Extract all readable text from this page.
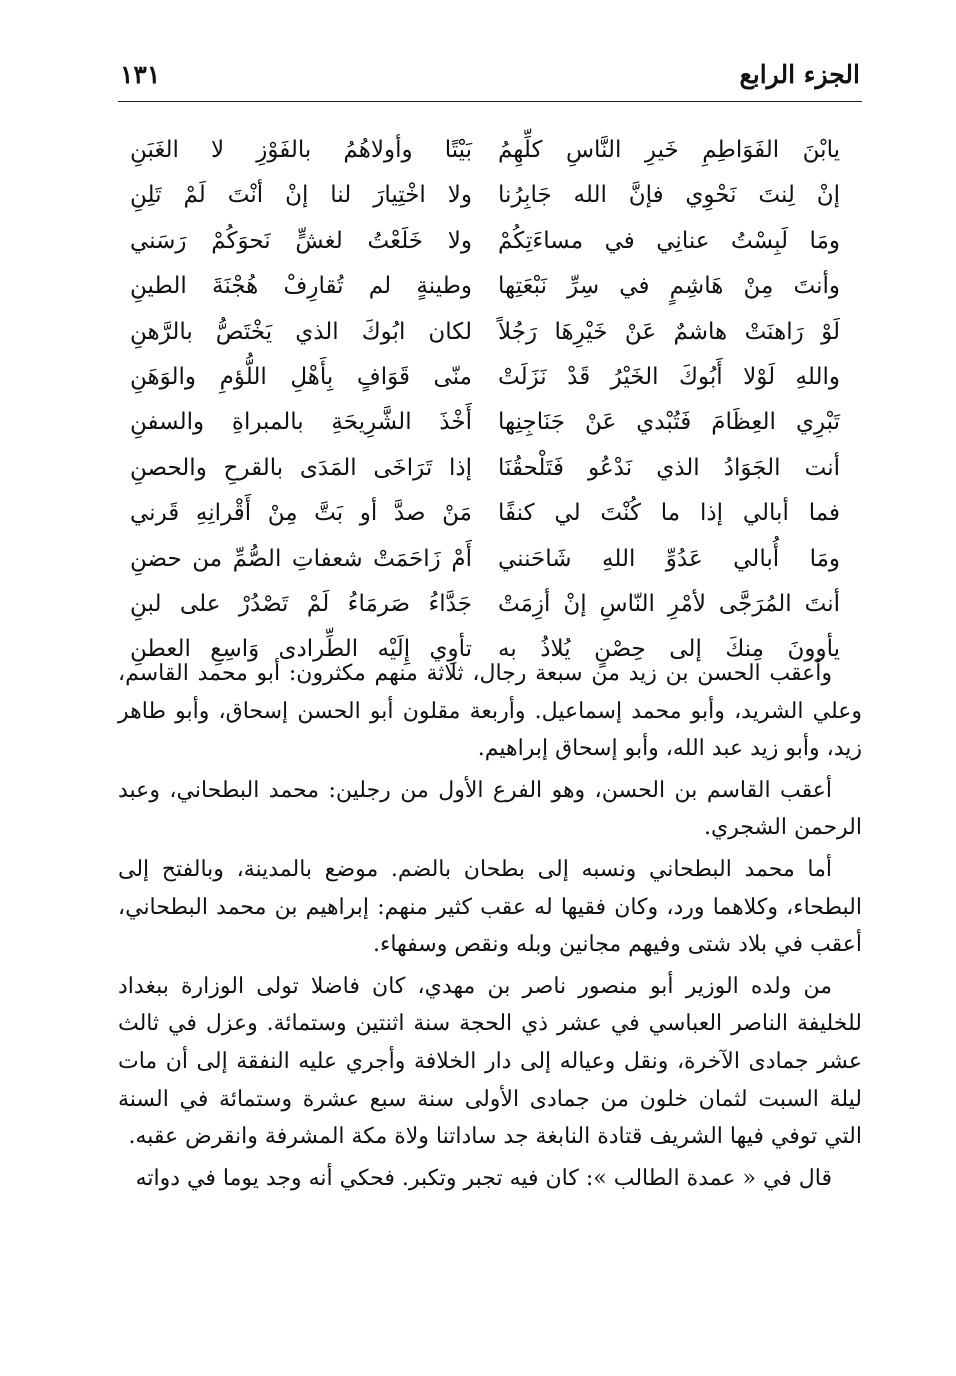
الجزء الرابع
١٣١
يابْنَ الفَوَاطِمِ خَيرِ النَّاسِ كلِّهِمُ
بَيْتًا وأولاهُمُ بالفَوْزِ لا الغَبَنِ
إنْ لِنتَ نَحْوِي فإنَّ الله جَابِرُنا
ولا اخْتِيارَ لنا إنْ أنْتَ لَمْ تَلِنِ
ومَا لَبِسْتُ عنانِي في مساءَتِكُمْ
ولا خَلَعْتُ لغشٍّ نَحوَكُمْ رَسَني
وأنتَ مِنْ هَاشِمٍ في سِرِّ نَبْعَتِها
وطينةٍ لم تُقارِفْ هُجْنَةَ الطينِ
لَوْ رَاهنَتْ هاشمٌ عَنْ خَيْرِهَا رَجُلاً
لكان ابُوكَ الذي يَخْتَصُّ بالرَّهنِ
واللهِ لَوْلا أَبُوكَ الخَيْرُ قَدْ نَزَلَتْ
منّى قَوَافٍ بِأَهْلِ اللُّؤمِ والوَهَنِ
تَبْرِي العِظَامَ فَتُبْدي عَنْ جَنَاجِنِها
أَخْذَ الشَّرِيحَةِ بالمبراةِ والسفنِ
أنت الجَوَادُ الذي نَدْعُو فَتَلْحقُنَا
إذا تَرَاخَى المَدَى بالقرحِ والحصنِ
فما أبالي إذا ما كُنْتَ لي كنفًا
مَنْ صدَّ أو بَتَّ مِنْ أَقْرانِهِ قَرني
ومَا أُبالي عَدُوِّ اللهِ شَاحَنني
أَمْ زَاحَمَتْ شعفاتِ الصُّمِّ من حضنِ
أنتَ المُرَجَّى لأمْرِ النّاسِ إنْ أزِمَتْ
جَدَّاءُ صَرمَاءُ لَمْ تَصْدُرْ على لبنِ
يأوونَ مِنكَ إلى حِصْنٍ يُلاذُ به
تأوِي إِلَيْه الطِّرادى وَاسِعِ العطنِ

وأعقب الحسن بن زيد من سبعة رجال، ثلاثة منهم مكثرون: أبو محمد القاسم، وعلي الشريد، وأبو محمد إسماعيل. وأربعة مقلون أبو الحسن إسحاق، وأبو طاهر زيد، وأبو زيد عبد الله، وأبو إسحاق إبراهيم.

أعقب القاسم بن الحسن، وهو الفرع الأول من رجلين: محمد البطحاني، وعبد الرحمن الشجري.

أما محمد البطحاني ونسبه إلى بطحان بالضم. موضع بالمدينة، وبالفتح إلى البطحاء، وكلاهما ورد، وكان فقيها له عقب كثير منهم: إبراهيم بن محمد البطحاني، أعقب في بلاد شتى وفيهم مجانين وبله ونقص وسفهاء.

من ولده الوزير أبو منصور ناصر بن مهدي، كان فاضلا تولى الوزارة ببغداد للخليفة الناصر العباسي في عشر ذي الحجة سنة اثنتين وستمائة. وعزل في ثالث عشر جمادى الآخرة، ونقل وعياله إلى دار الخلافة وأجري عليه النفقة إلى أن مات ليلة السبت لثمان خلون من جمادى الأولى سنة سبع عشرة وستمائة في السنة التي توفي فيها الشريف قتادة النابغة جد ساداتنا ولاة مكة المشرفة وانقرض عقبه.

قال في « عمدة الطالب »: كان فيه تجبر وتكبر. فحكي أنه وجد يوما في دواته
